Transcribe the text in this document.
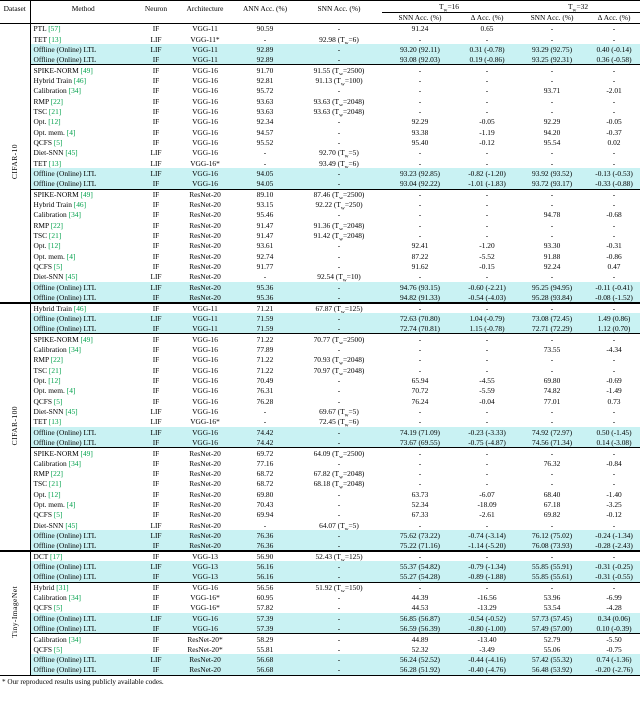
Dataset	Method	Neuron	Architecture	ANN Acc. (%)	SNN Acc. (%)	$T_w=16$		$T_w=32$	
						SNN Acc. (%)	Δ Acc. (%)	SNN Acc. (%)	Δ Acc. (%)
CIFAR-10	PTL [57]	IF	VGG-11	90.59	-	91.24	0.65	-	-
	TET [13]	LIF	VGG-11*	-	92.98 $(T_w=6)$	-	-	-	-
	Offline (Online) LTL	LIF	VGG-11	92.89	-	93.20 (92.11)	0.31 (-0.78)	93.29 (92.75)	0.40 (-0.14)
	Offline (Online) LTL	IF	VGG-11	92.89	-	93.08 (92.03)	0.19 (-0.86)	93.25 (92.31)	0.36 (-0.58)
	SPIKE-NORM [49]	IF	VGG-16	91.70	91.55 $(T_w=2500)$	-	-	-	-
	Hybrid Train [46]	IF	VGG-16	92.81	91.13 $(T_w=100)$	-	-	-	-
	Calibration [34]	IF	VGG-16	95.72	-	-	-	93.71	-2.01
	RMP [22]	IF	VGG-16	93.63	93.63 $(T_w=2048)$	-	-	-	-
	TSC [21]	IF	VGG-16	93.63	93.63 $(T_w=2048)$	-	-	-	-
	Opt. [12]	IF	VGG-16	92.34	-	92.29	-0.05	92.29	-0.05
	Opt. mem. [4]	IF	VGG-16	94.57	-	93.38	-1.19	94.20	-0.37
	QCFS [5]	IF	VGG-16	95.52	-	95.40	-0.12	95.54	0.02
	Diet-SNN [45]	LIF	VGG-16	-	92.70 $(T_w=5)$	-	-	-	-
	TET [13]	LIF	VGG-16*	-	93.49 $(T_w=6)$	-	-	-	-
	Offline (Online) LTL	LIF	VGG-16	94.05	-	93.23 (92.85)	-0.82 (-1.20)	93.92 (93.52)	-0.13 (-0.53)
	Offline (Online) LTL	IF	VGG-16	94.05	-	93.04 (92.22)	-1.01 (-1.83)	93.72 (93.17)	-0.33 (-0.88)
	SPIKE-NORM [49]	IF	ResNet-20	89.10	87.46 $(T_w=2500)$	-	-	-	-
	Hybrid Train [46]	IF	ResNet-20	93.15	92.22 $(T_w=250)$	-	-	-	-
	Calibration [34]	IF	ResNet-20	95.46	-	-	-	94.78	-0.68
	RMP [22]	IF	ResNet-20	91.47	91.36 $(T_w=2048)$	-	-	-	-
	TSC [21]	IF	ResNet-20	91.47	91.42 $(T_w=2048)$	-	-	-	-
	Opt. [12]	IF	ResNet-20	93.61	-	92.41	-1.20	93.30	-0.31
	Opt. mem. [4]	IF	ResNet-20	92.74	-	87.22	-5.52	91.88	-0.86
	QCFS [5]	IF	ResNet-20	91.77	-	91.62	-0.15	92.24	0.47
	Diet-SNN [45]	LIF	ResNet-20	-	92.54 $(T_w=10)$	-	-	-	-
	Offline (Online) LTL	LIF	ResNet-20	95.36	-	94.76 (93.15)	-0.60 (-2.21)	95.25 (94.95)	-0.11 (-0.41)
	Offline (Online) LTL	IF	ResNet-20	95.36	-	94.82 (91.33)	-0.54 (-4.03)	95.28 (93.84)	-0.08 (-1.52)
CIFAR-100	Hybrid Train [46]	IF	VGG-11	71.21	67.87 $(T_w=125)$	-	-	-	-
	Offline (Online) LTL	LIF	VGG-11	71.59	-	72.63 (70.80)	1.04 (-0.79)	73.08 (72.45)	1.49 (0.86)
	Offline (Online) LTL	IF	VGG-11	71.59	-	72.74 (70.81)	1.15 (-0.78)	72.71 (72.29)	1.12 (0.70)
	SPIKE-NORM [49]	IF	VGG-16	71.22	70.77 $(T_w=2500)$	-	-	-	-
	Calibration [34]	IF	VGG-16	77.89	-	-	-	73.55	-4.34
	RMP [22]	IF	VGG-16	71.22	70.93 $(T_w=2048)$	-	-	-	-
	TSC [21]	IF	VGG-16	71.22	70.97 $(T_w=2048)$	-	-	-	-
	Opt. [12]	IF	VGG-16	70.49	-	65.94	-4.55	69.80	-0.69
	Opt. mem. [4]	IF	VGG-16	76.31	-	70.72	-5.59	74.82	-1.49
	QCFS [5]	IF	VGG-16	76.28	-	76.24	-0.04	77.01	0.73
	Diet-SNN [45]	LIF	VGG-16	-	69.67 $(T_w=5)$	-	-	-	-
	TET [13]	LIF	VGG-16*	-	72.45 $(T_w=6)$	-	-	-	-
	Offline (Online) LTL	LIF	VGG-16	74.42	-	74.19 (71.09)	-0.23 (-3.33)	74.92 (72.97)	0.50 (-1.45)
	Offline (Online) LTL	IF	VGG-16	74.42	-	73.67 (69.55)	-0.75 (-4.87)	74.56 (71.34)	0.14 (-3.08)
	SPIKE-NORM [49]	IF	ResNet-20	69.72	64.09 $(T_w=2500)$	-	-	-	-
	Calibration [34]	IF	ResNet-20	77.16	-	-	-	76.32	-0.84
	RMP [22]	IF	ResNet-20	68.72	67.82 $(T_w=2048)$	-	-	-	-
	TSC [21]	IF	ResNet-20	68.72	68.18 $(T_w=2048)$	-	-	-	-
	Opt. [12]	IF	ResNet-20	69.80	-	63.73	-6.07	68.40	-1.40
	Opt. mem. [4]	IF	ResNet-20	70.43	-	52.34	-18.09	67.18	-3.25
	QCFS [5]	IF	ResNet-20	69.94	-	67.33	-2.61	69.82	-0.12
	Diet-SNN [45]	LIF	ResNet-20	-	64.07 $(T_w=5)$	-	-	-	-
	Offline (Online) LTL	LIF	ResNet-20	76.36	-	75.62 (73.22)	-0.74 (-3.14)	76.12 (75.02)	-0.24 (-1.34)
	Offline (Online) LTL	IF	ResNet-20	76.36	-	75.22 (71.16)	-1.14 (-5.20)	76.08 (73.93)	-0.28 (-2.43)
Tiny-ImageNet	DCT [17]	IF	VGG-13	56.90	52.43 $(T_w=125)$	-	-	-	-
	Offline (Online) LTL	LIF	VGG-13	56.16	-	55.37 (54.82)	-0.79 (-1.34)	55.85 (55.91)	-0.31 (-0.25)
	Offline (Online) LTL	IF	VGG-13	56.16	-	55.27 (54.28)	-0.89 (-1.88)	55.85 (55.61)	-0.31 (-0.55)
	Hybrid [31]	IF	VGG-16	56.56	51.92 $(T_w=150)$	-	-	-	-
	Calibration [34]	IF	VGG-16*	60.95	-	44.39	-16.56	53.96	-6.99
	QCFS [5]	IF	VGG-16*	57.82	-	44.53	-13.29	53.54	-4.28
	Offline (Online) LTL	LIF	VGG-16	57.39	-	56.85 (56.87)	-0.54 (-0.52)	57.73 (57.45)	0.34 (0.06)
	Offline (Online) LTL	IF	VGG-16	57.39	-	56.59 (56.39)	-0.80 (-1.00)	57.49 (57.00)	0.10 (-0.39)
	Calibration [34]	IF	ResNet-20*	58.29	-	44.89	-13.40	52.79	-5.50
	QCFS [5]	IF	ResNet-20*	55.81	-	52.32	-3.49	55.06	-0.75
	Offline (Online) LTL	LIF	ResNet-20	56.68	-	56.24 (52.52)	-0.44 (-4.16)	57.42 (55.32)	0.74 (-1.36)
	Offline (Online) LTL	IF	ResNet-20	56.68	-	56.28 (51.92)	-0.40 (-4.76)	56.48 (53.92)	-0.20 (-2.76)
* Our reproduced results using publicly available codes.
